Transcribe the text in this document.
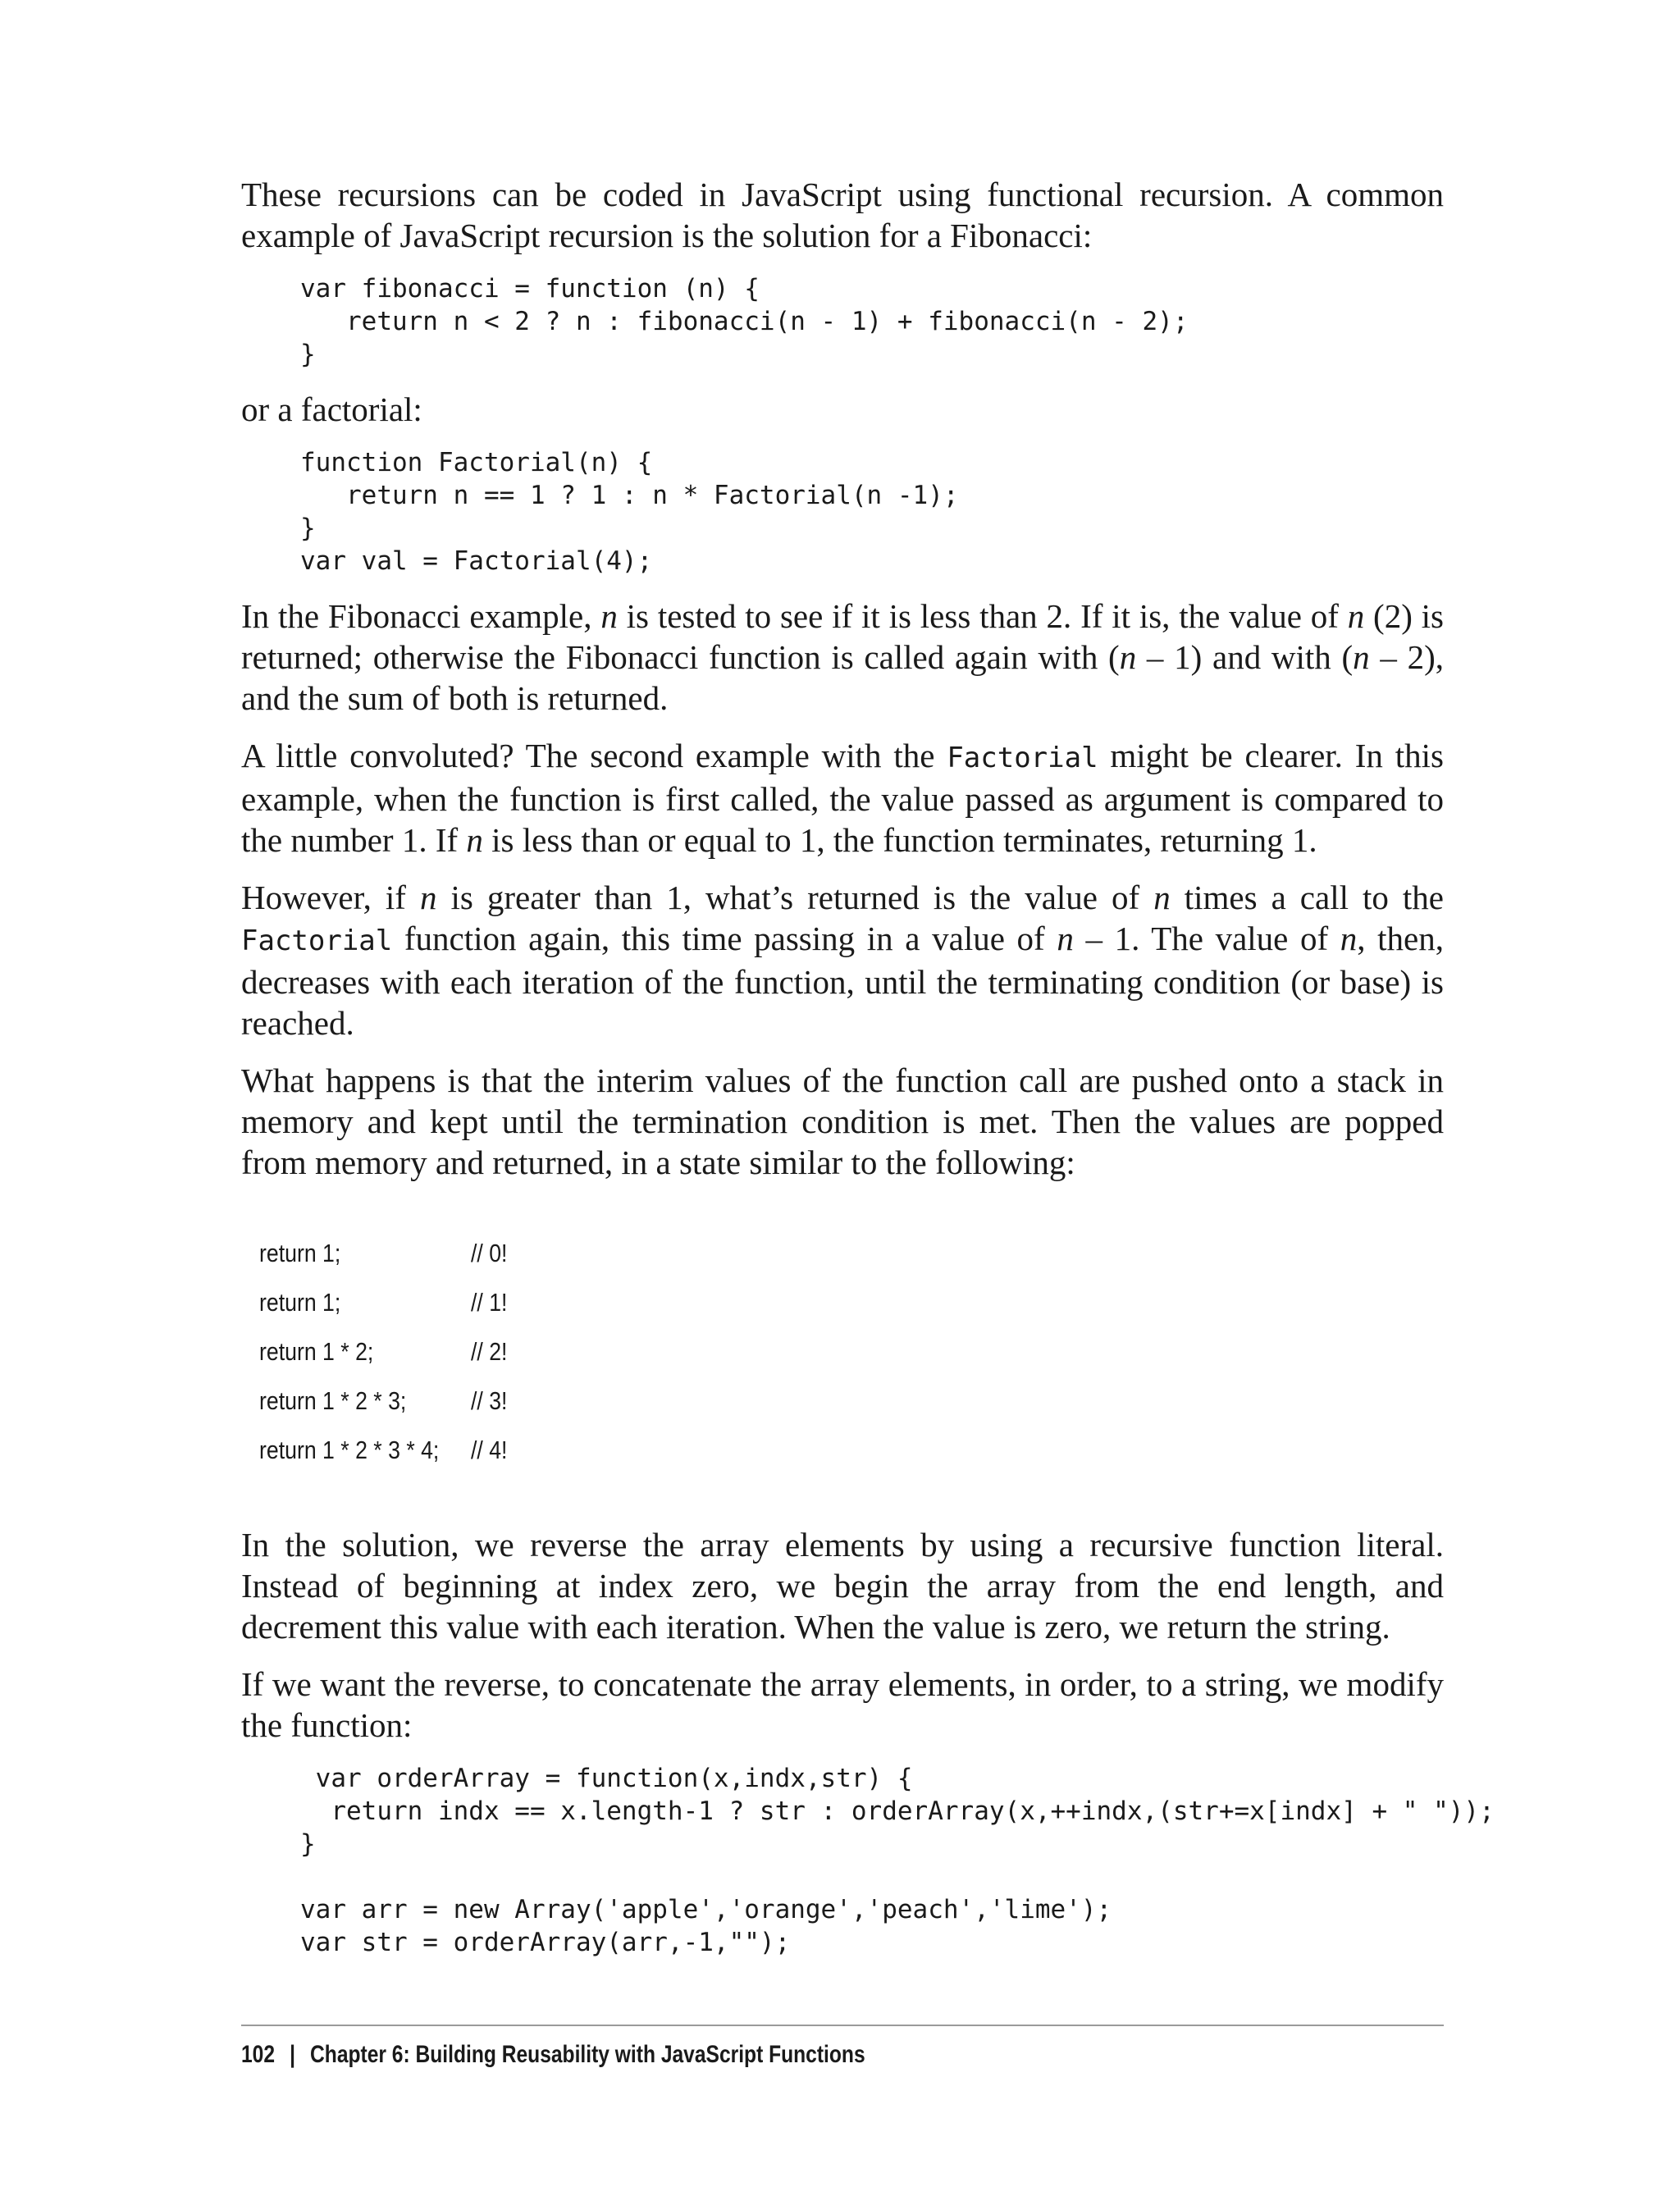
These recursions can be coded in JavaScript using functional recursion. A common example of JavaScript recursion is the solution for a Fibonacci:

var fibonacci = function (n) {
return n < 2 ? n : fibonacci(n - 1) + fibonacci(n - 2);
}

or a factorial:

function Factorial(n) {
return n == 1 ? 1 : n * Factorial(n -1);
}
var val = Factorial(4);

In the Fibonacci example, n is tested to see if it is less than 2. If it is, the value of n (2) is returned; otherwise the Fibonacci function is called again with (n – 1) and with (n – 2), and the sum of both is returned.

A little convoluted? The second example with the Factorial might be clearer. In this example, when the function is first called, the value passed as argument is compared to the number 1. If n is less than or equal to 1, the function terminates, returning 1.

However, if n is greater than 1, what’s returned is the value of n times a call to the Factorial function again, this time passing in a value of n – 1. The value of n, then, decreases with each iteration of the function, until the terminating condition (or base) is reached.

What happens is that the interim values of the function call are pushed onto a stack in memory and kept until the termination condition is met. Then the values are popped from memory and returned, in a state similar to the following:

return 1;	// 0!
return 1;	// 1!
return 1 * 2;	// 2!
return 1 * 2 * 3;	// 3!
return 1 * 2 * 3 * 4;	// 4!

In the solution, we reverse the array elements by using a recursive function literal. Instead of beginning at index zero, we begin the array from the end length, and decrement this value with each iteration. When the value is zero, we return the string.

If we want the reverse, to concatenate the array elements, in order, to a string, we modify the function:

var orderArray = function(x,indx,str) {
return indx == x.length-1 ? str : orderArray(x,++indx,(str+=x[indx] + " "));
}

var arr = new Array('apple','orange','peach','lime');
var str = orderArray(arr,-1,"");
102 | Chapter 6: Building Reusability with JavaScript Functions
